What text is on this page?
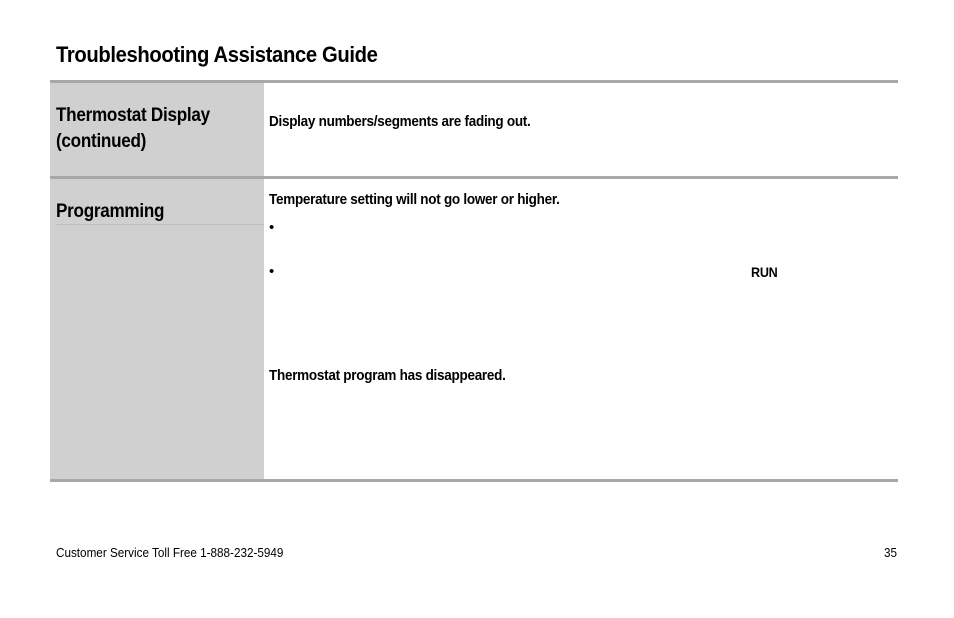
Troubleshooting Assistance Guide
Thermostat Display
(continued)
Display numbers/segments are fading out.
Programming
Temperature setting will not go lower or higher.
•
•	RUN
Thermostat program has disappeared.
Customer Service Toll Free 1-888-232-5949	35
